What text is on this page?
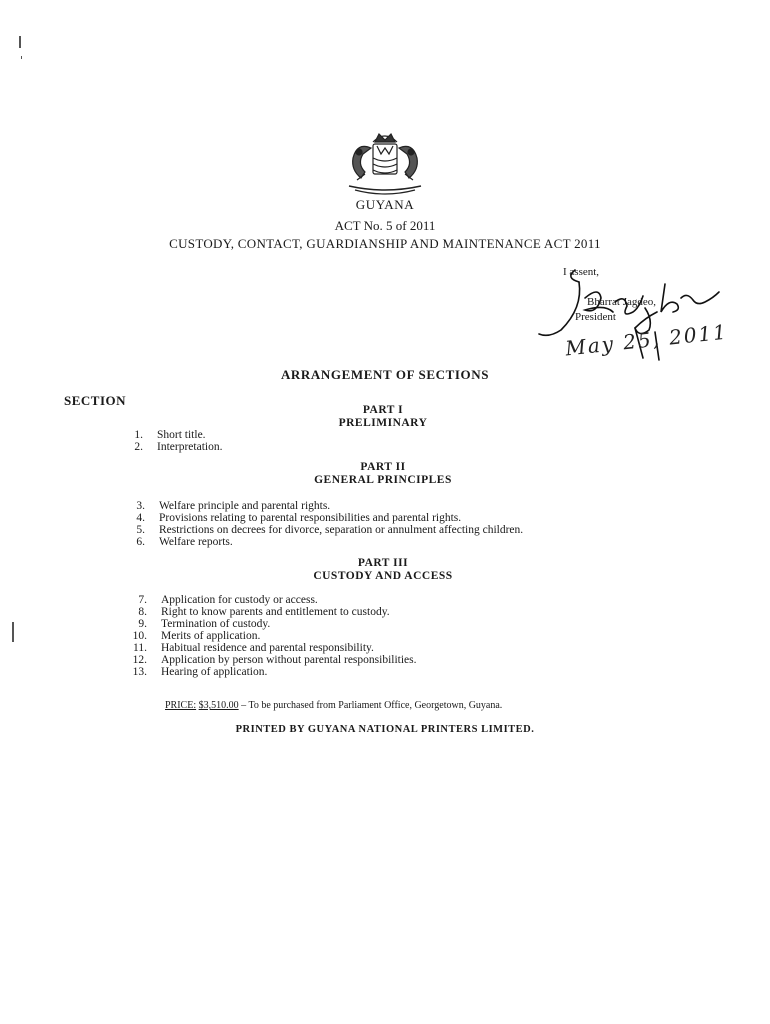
GUYANA
ACT No. 5 of 2011
CUSTODY, CONTACT, GUARDIANSHIP AND MAINTENANCE ACT 2011
I assent,
Bharrat Jagdeo,
President
May 25, 2011
ARRANGEMENT OF SECTIONS
SECTION
PART I
PRELIMINARY
1. Short title.
2. Interpretation.
PART II
GENERAL PRINCIPLES
3. Welfare principle and parental rights.
4. Provisions relating to parental responsibilities and parental rights.
5. Restrictions on decrees for divorce, separation or annulment affecting children.
6. Welfare reports.
PART III
CUSTODY AND ACCESS
7. Application for custody or access.
8. Right to know parents and entitlement to custody.
9. Termination of custody.
10. Merits of application.
11. Habitual residence and parental responsibility.
12. Application by person without parental responsibilities.
13. Hearing of application.
PRICE: $3,510.00 – To be purchased from Parliament Office, Georgetown, Guyana.
PRINTED BY GUYANA NATIONAL PRINTERS LIMITED.
